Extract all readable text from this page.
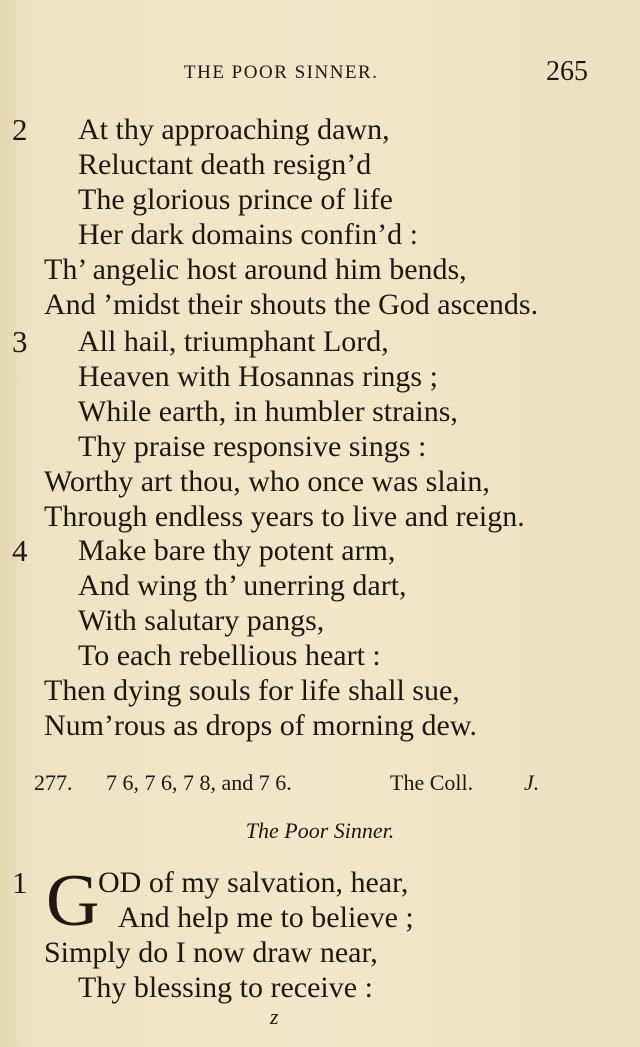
THE POOR SINNER.	265
2 At thy approaching dawn,
Reluctant death resign’d
The glorious prince of life
Her dark domains confin’d :
Th’ angelic host around him bends,
And ’midst their shouts the God ascends.
3 All hail, triumphant Lord,
Heaven with Hosannas rings ;
While earth, in humbler strains,
Thy praise responsive sings :
Worthy art thou, who once was slain,
Through endless years to live and reign.
4 Make bare thy potent arm,
And wing th’ unerring dart,
With salutary pangs,
To each rebellious heart :
Then dying souls for life shall sue,
Num’rous as drops of morning dew.
277. 7 6, 7 6, 7 8, and 7 6.	The Coll. J.
The Poor Sinner.
1 OD of my salvation, hear,
And help me to believe ;
Simply do I now draw near,
Thy blessing to receive :
G
z
